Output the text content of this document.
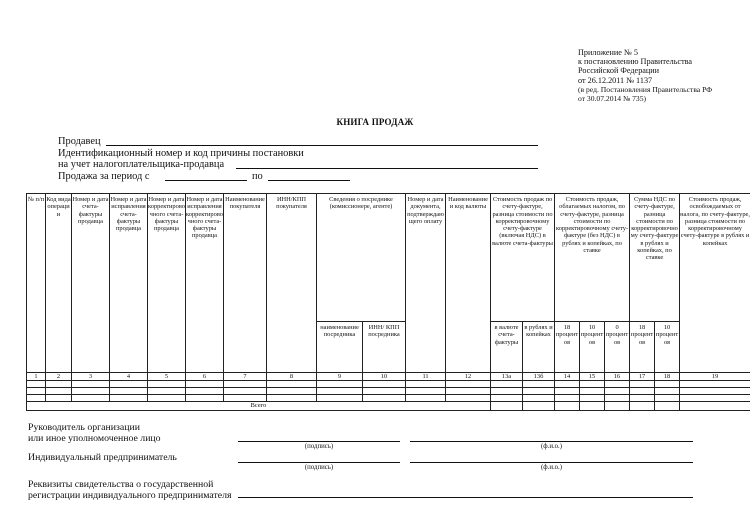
Приложение № 5
к постановлению Правительства
Российской Федерации
от 26.12.2011 № 1137
(в ред. Постановления Правительства РФ
от 30.07.2014 № 735)
КНИГА ПРОДАЖ
Продавец
Идентификационный номер и код причины постановки
на учет налогоплательщика-продавца
Продажа за период с	по
№ п/п	Код вида операции	Номер и дата счета-фактуры продавца	Номер и дата исправления счета-фактуры продавца	Номер и дата корректировочного счета-фактуры продавца	Номер и дата исправления корректировочного счета-фактуры продавца	Наименование покупателя	ИНН/КПП покупателя	Сведения о посреднике (комиссионере, агенте)		Номер и дата документа, подтверждающего оплату	Наименование и код валюты	Стоимость продаж по счету-фактуре, разница стоимости по корректировочному счету-фактуре (включая НДС) в валюте счета-фактуры		Стоимость продаж, облагаемых налогом, по счету-фактуре, разница стоимости по корректировочному счету-фактуре (без НДС) в рублях и копейках, по ставке			Сумма НДС по счету-фактуре, разница стоимости по корректировочному счету-фактуре в рублях и копейках, по ставке		Стоимость продаж, освобождаемых от налога, по счету-фактуре, разница стоимости по корректировочному счету-фактуре в рублях и копейках
								наименование посредника	ИНН/ КПП посредника			в валюте счета-фактуры	в рублях и копейках	18 процентов	10 процентов	0 процентов	18 процентов	10 процентов	
1	2	3	4	5	6	7	8	9	10	11	12	13а	13б	14	15	16	17	18	19

Всего																			
Руководитель организации
или иное уполномоченное лицо
(подпись)	(ф.и.о.)
Индивидуальный предприниматель
(подпись)	(ф.и.о.)
Реквизиты свидетельства о государственной
регистрации индивидуального предпринимателя
